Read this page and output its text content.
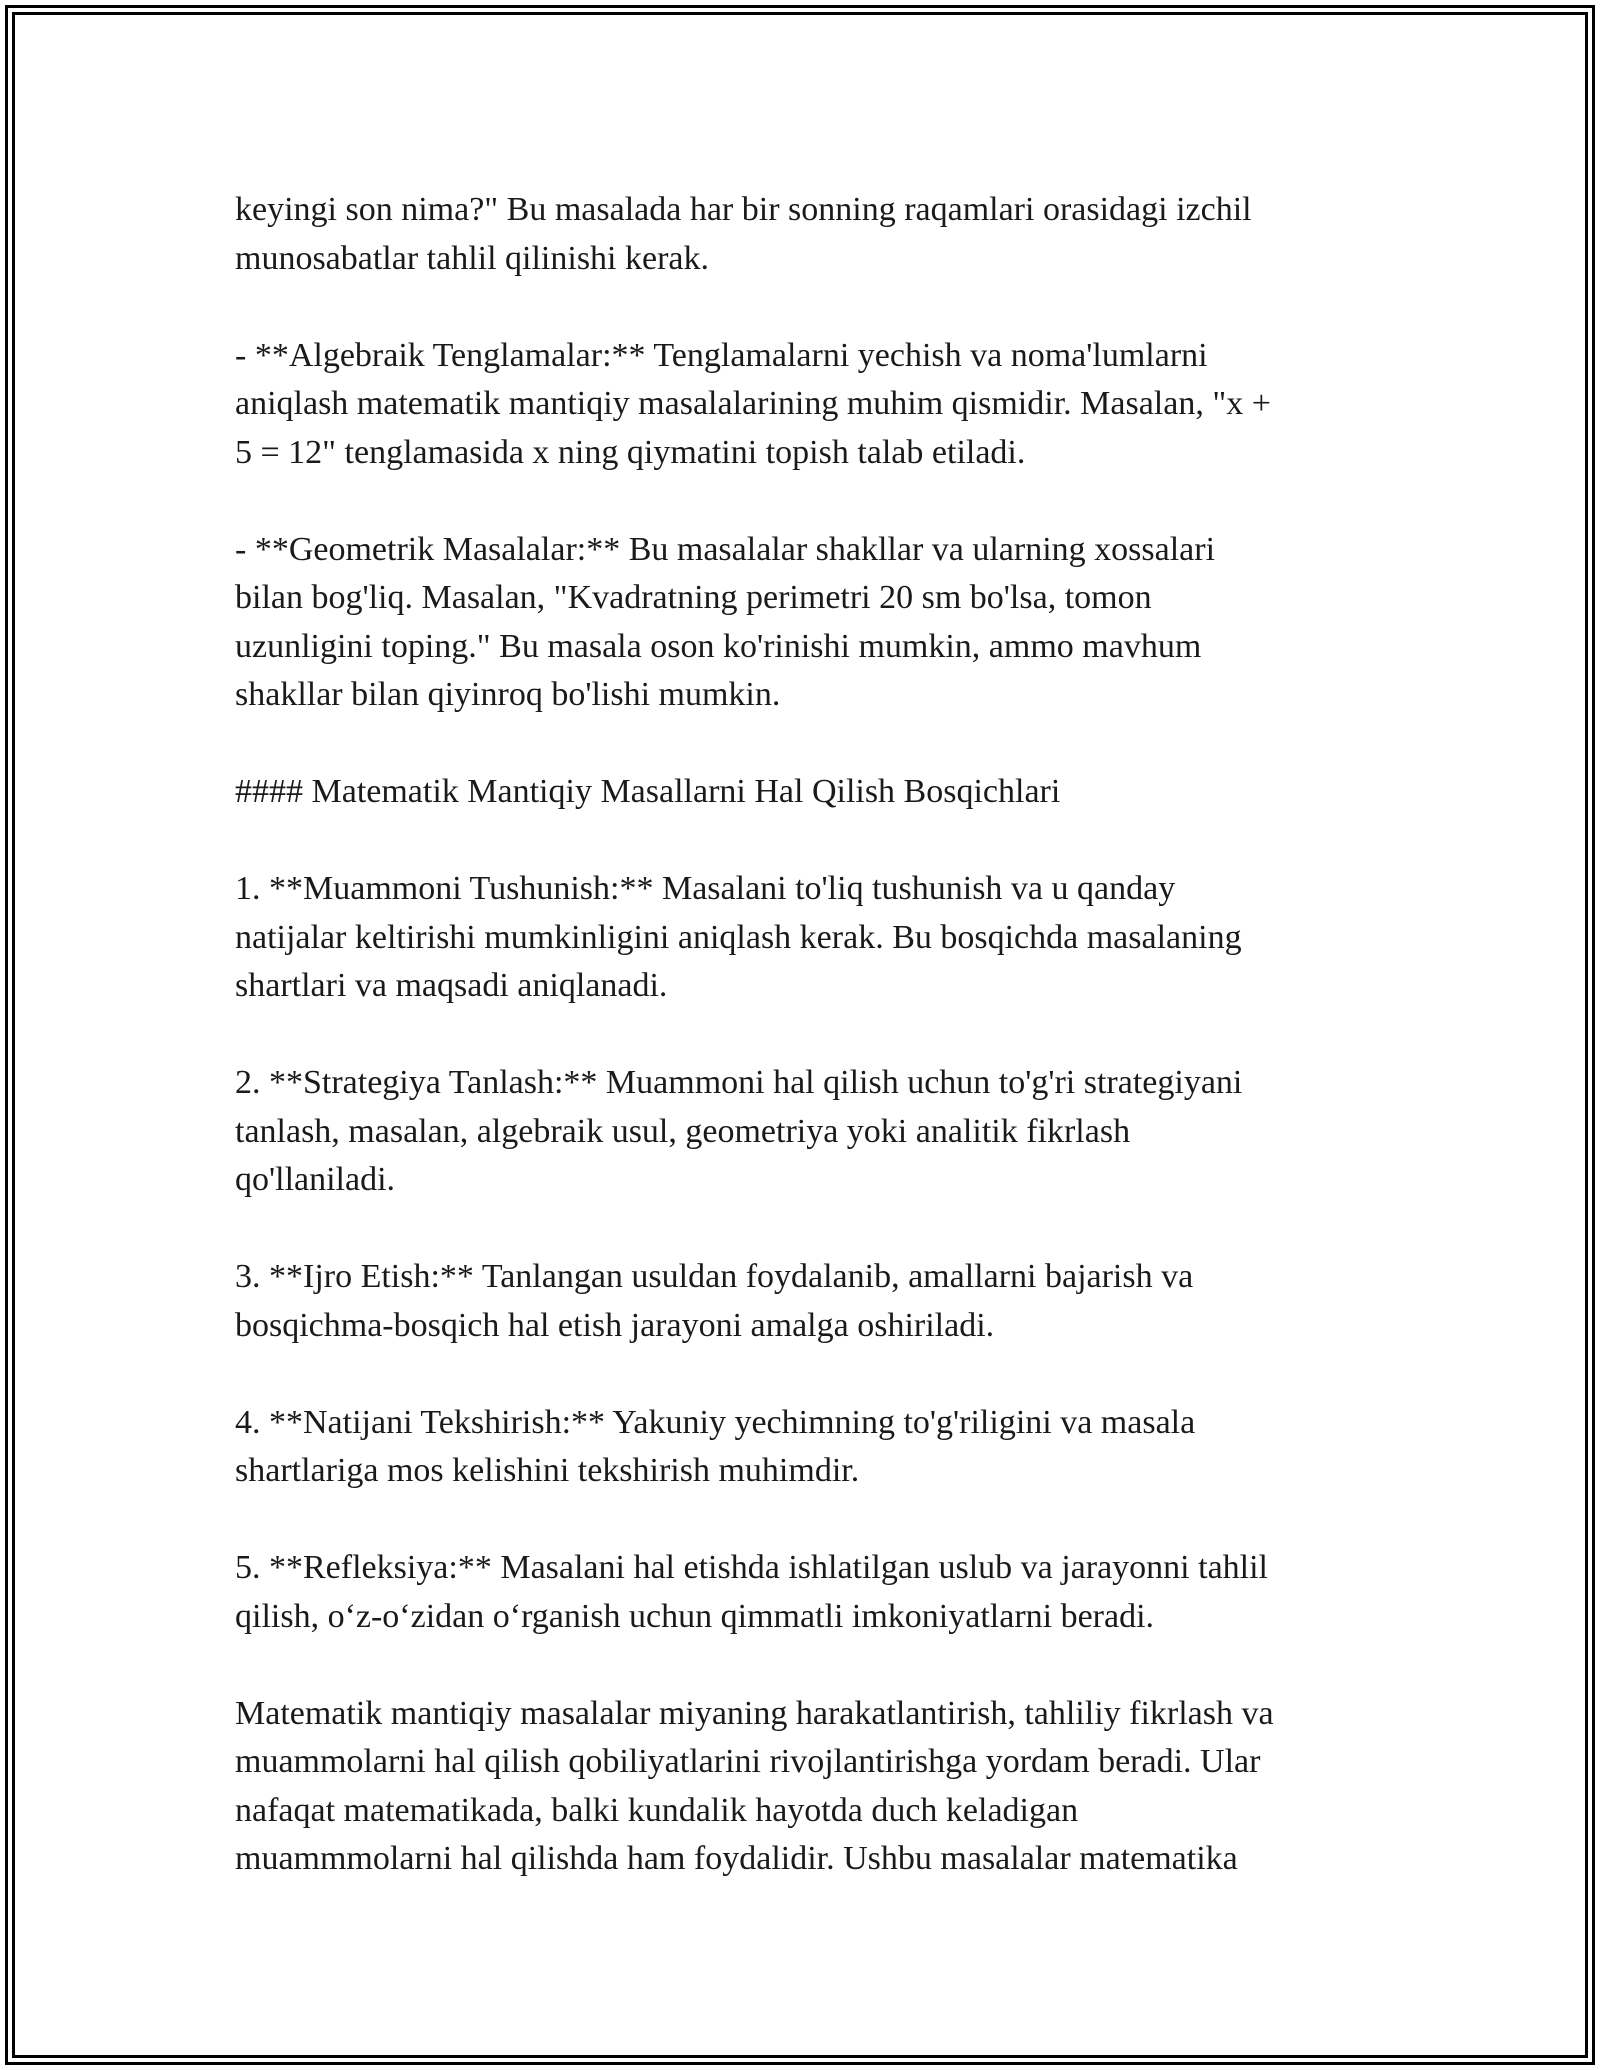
keyingi son nima?" Bu masalada har bir sonning raqamlari orasidagi izchil
munosabatlar tahlil qilinishi kerak.

- **Algebraik Tenglamalar:** Tenglamalarni yechish va noma'lumlarni
aniqlash matematik mantiqiy masalalarining muhim qismidir. Masalan, "x +
5 = 12" tenglamasida x ning qiymatini topish talab etiladi.

- **Geometrik Masalalar:** Bu masalalar shakllar va ularning xossalari
bilan bog'liq. Masalan, "Kvadratning perimetri 20 sm bo'lsa, tomon
uzunligini toping." Bu masala oson ko'rinishi mumkin, ammo mavhum
shakllar bilan qiyinroq bo'lishi mumkin.

#### Matematik Mantiqiy Masallarni Hal Qilish Bosqichlari

1. **Muammoni Tushunish:** Masalani to'liq tushunish va u qanday
natijalar keltirishi mumkinligini aniqlash kerak. Bu bosqichda masalaning
shartlari va maqsadi aniqlanadi.

2. **Strategiya Tanlash:** Muammoni hal qilish uchun to'g'ri strategiyani
tanlash, masalan, algebraik usul, geometriya yoki analitik fikrlash
qo'llaniladi.

3. **Ijro Etish:** Tanlangan usuldan foydalanib, amallarni bajarish va
bosqichma-bosqich hal etish jarayoni amalga oshiriladi.

4. **Natijani Tekshirish:** Yakuniy yechimning to'g'riligini va masala
shartlariga mos kelishini tekshirish muhimdir.

5. **Refleksiya:** Masalani hal etishda ishlatilgan uslub va jarayonni tahlil
qilish, o‘z-o‘zidan o‘rganish uchun qimmatli imkoniyatlarni beradi.

Matematik mantiqiy masalalar miyaning harakatlantirish, tahliliy fikrlash va
muammolarni hal qilish qobiliyatlarini rivojlantirishga yordam beradi. Ular
nafaqat matematikada, balki kundalik hayotda duch keladigan
muammmolarni hal qilishda ham foydalidir. Ushbu masalalar matematika
